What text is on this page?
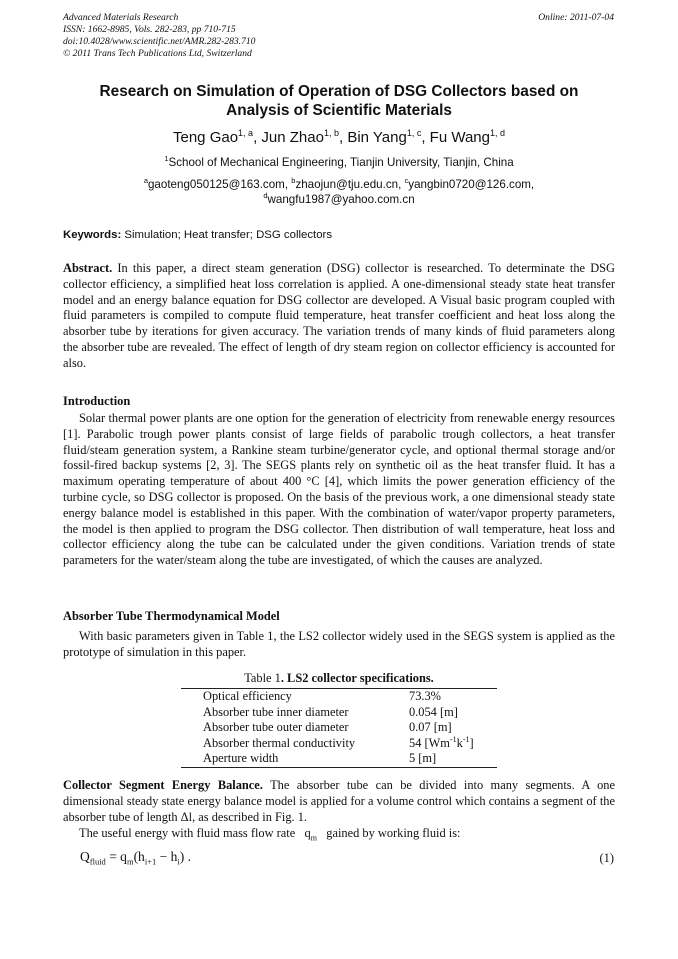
Advanced Materials Research
ISSN: 1662-8985, Vols. 282-283, pp 710-715
doi:10.4028/www.scientific.net/AMR.282-283.710
© 2011 Trans Tech Publications Ltd, Switzerland
Online: 2011-07-04
Research on Simulation of Operation of DSG Collectors based on
Analysis of Scientific Materials
Teng Gao$^{1, a}$, Jun Zhao$^{1, b}$, Bin Yang$^{1, c}$, Fu Wang$^{1, d}$
$^1$School of Mechanical Engineering, Tianjin University, Tianjin, China
$^a$gaoteng050125@163.com, $^b$zhaojun@tju.edu.cn, $^c$yangbin0720@126.com,
$^d$wangfu1987@yahoo.com.cn
Keywords: Simulation; Heat transfer; DSG collectors
Abstract. In this paper, a direct steam generation (DSG) collector is researched. To determinate the DSG collector efficiency, a simplified heat loss correlation is applied. A one-dimensional steady state heat transfer model and an energy balance equation for DSG collector are developed. A Visual basic program coupled with fluid parameters is compiled to compute fluid temperature, heat transfer coefficient and heat loss along the absorber tube by iterations for given accuracy. The variation trends of many kinds of fluid parameters along the absorber tube are revealed. The effect of length of dry steam region on collector efficiency is accounted for also.
Introduction
Solar thermal power plants are one option for the generation of electricity from renewable energy resources [1]. Parabolic trough power plants consist of large fields of parabolic trough collectors, a heat transfer fluid/steam generation system, a Rankine steam turbine/generator cycle, and optional thermal storage and/or fossil-fired backup systems [2, 3]. The SEGS plants rely on synthetic oil as the heat transfer fluid. It has a maximum operating temperature of about 400 °C [4], which limits the power generation efficiency of the turbine cycle, so DSG collector is proposed. On the basis of the previous work, a one dimensional steady state energy balance model is established in this paper. With the combination of water/vapor property parameters, the model is then applied to program the DSG collector. Then distribution of wall temperature, heat loss and collector efficiency along the tube can be calculated under the given conditions. Variation trends of state parameters for the water/steam along the tube are investigated, of which the causes are analyzed.
Absorber Tube Thermodynamical Model
With basic parameters given in Table 1, the LS2 collector widely used in the SEGS system is applied as the prototype of simulation in this paper.
Table 1. LS2 collector specifications.
Optical efficiency	73.3%
Absorber tube inner diameter	0.054 [m]
Absorber tube outer diameter	0.07 [m]
Absorber thermal conductivity	54 $[Wm^{-1}k^{-1}]$
Aperture width	5 [m]
Collector Segment Energy Balance. The absorber tube can be divided into many segments. A one dimensional steady state energy balance model is applied for a volume control which contains a segment of the absorber tube of length Δl, as described in Fig. 1.
The useful energy with fluid mass flow rate   $q_m$   gained by working fluid is:
$Q_{fluid} = q_m(h_{i+1} - h_i)$ .	(1)
